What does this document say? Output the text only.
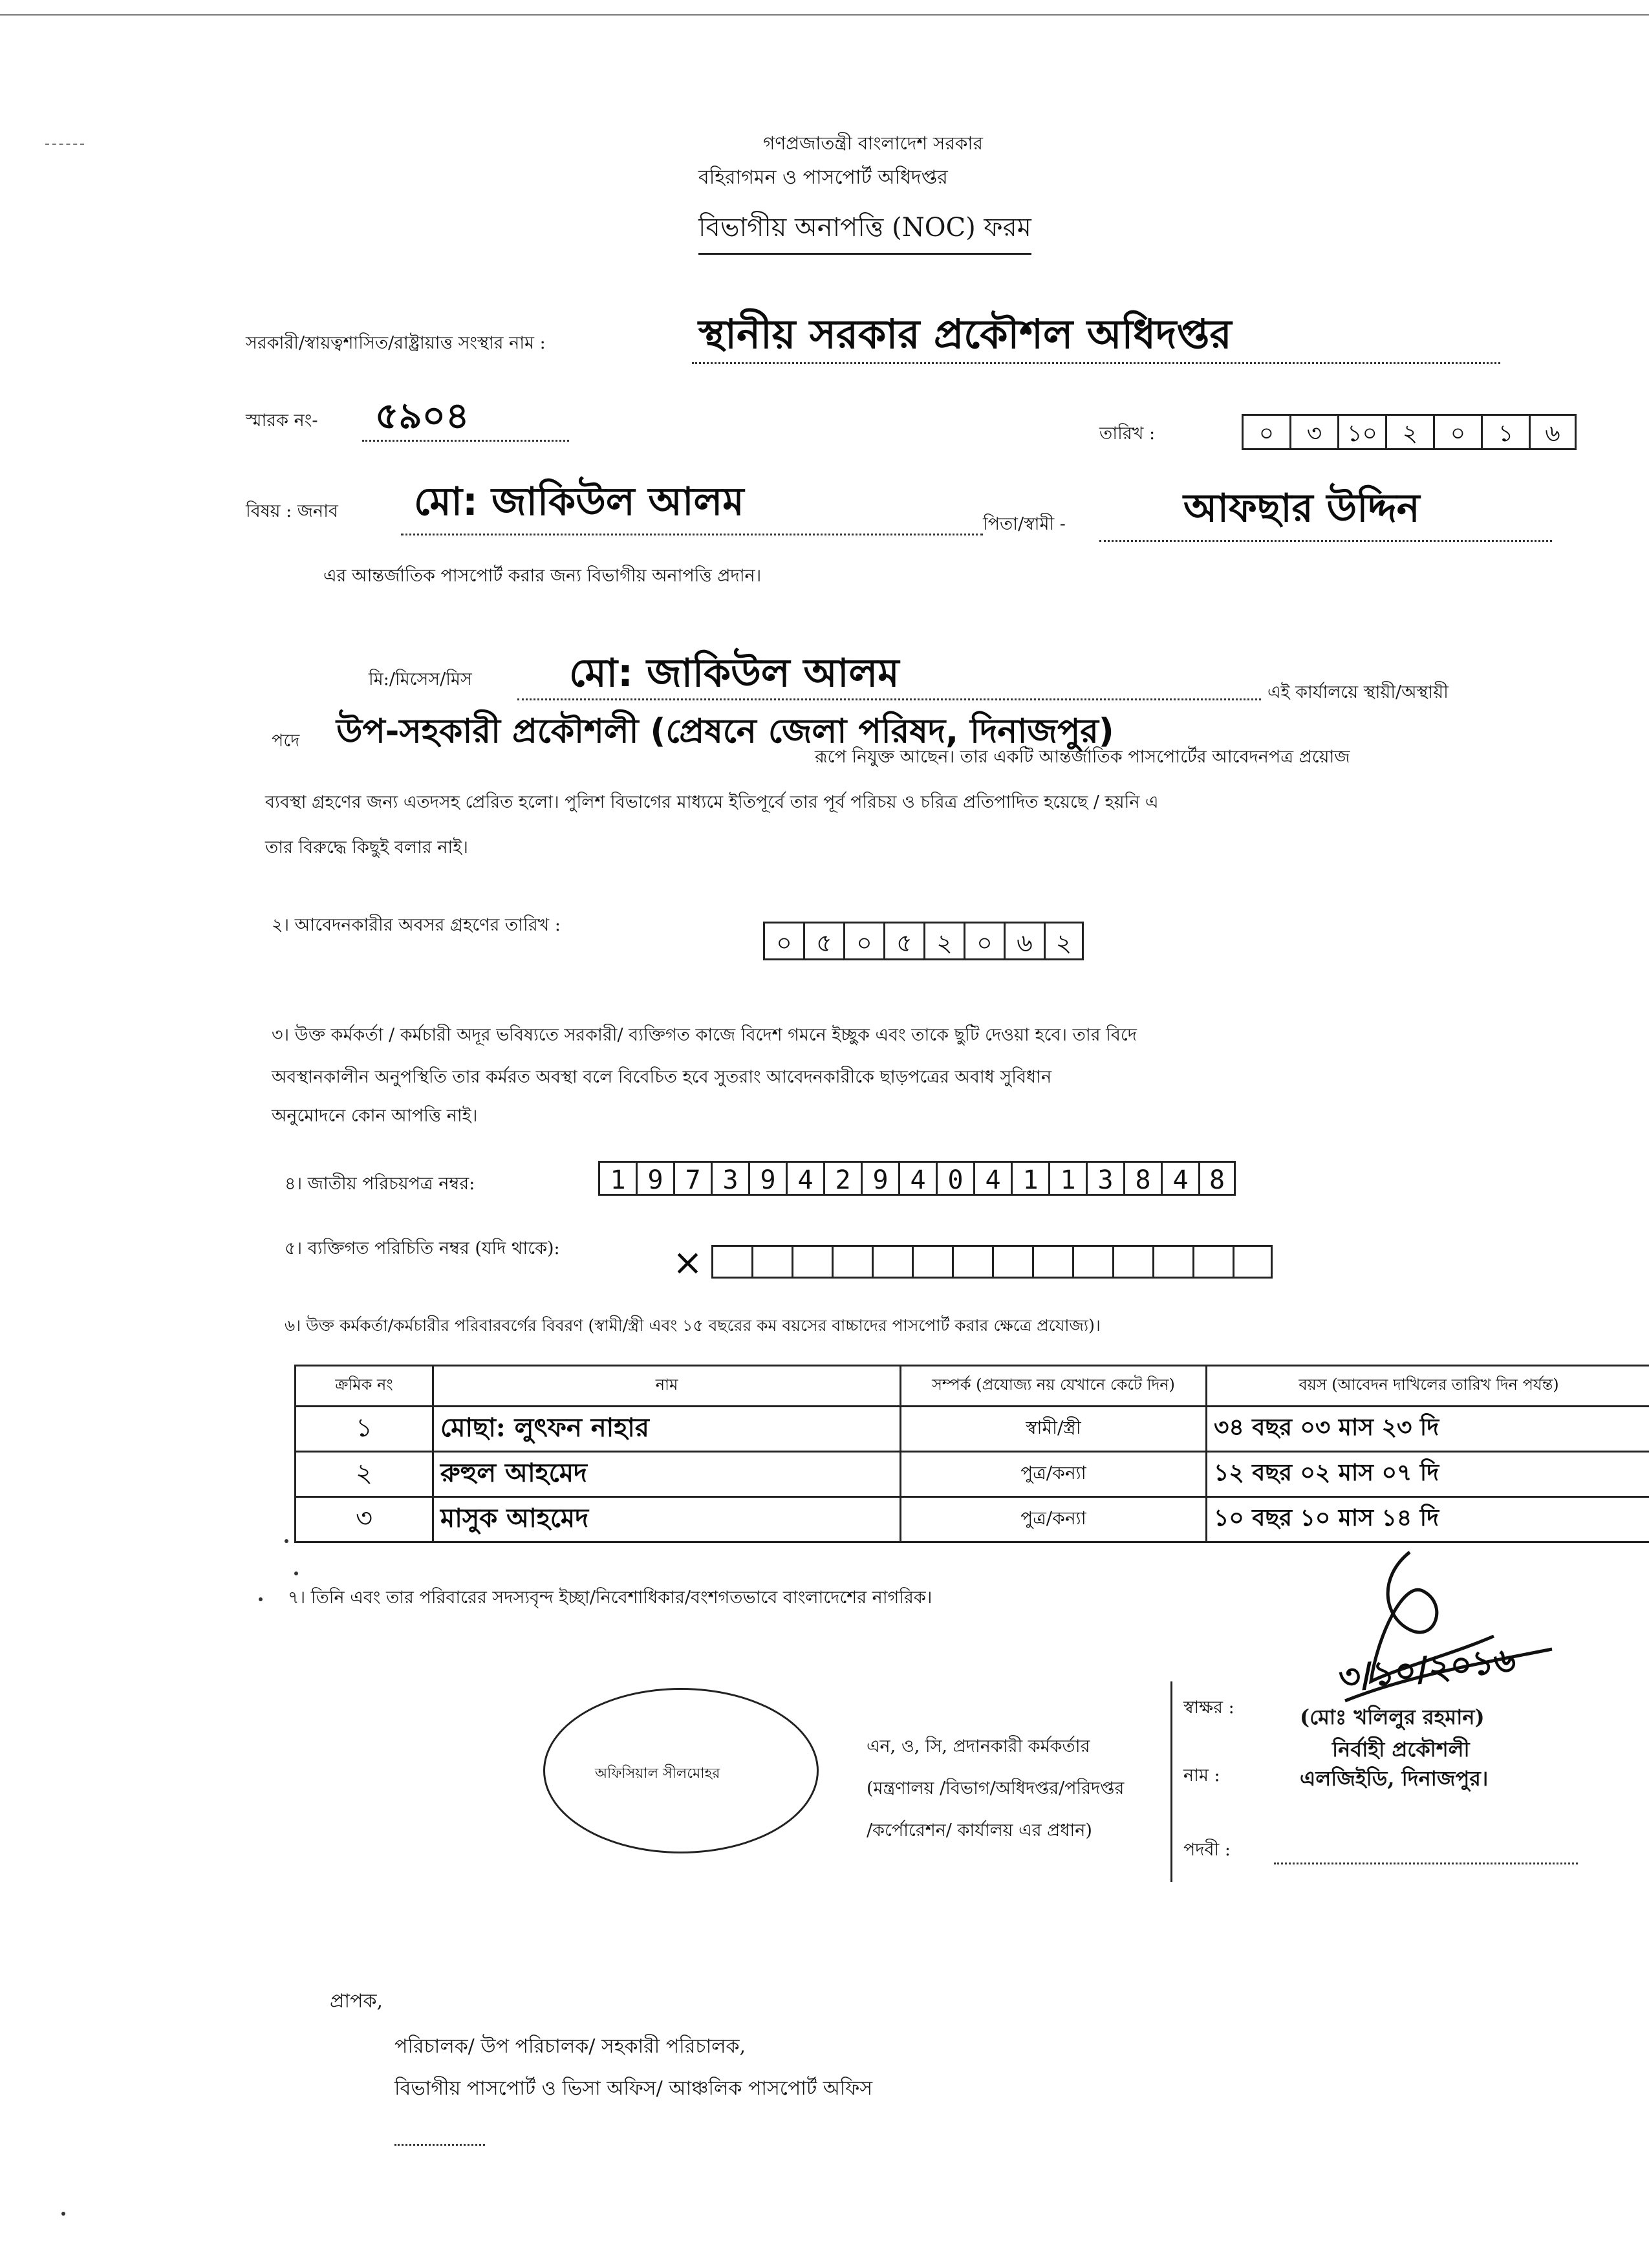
গণপ্রজাতন্ত্রী বাংলাদেশ সরকার
বহিরাগমন ও পাসপোর্ট অধিদপ্তর
বিভাগীয় অনাপত্তি (NOC) ফরম
সরকারী/স্বায়ত্বশাসিত/রাষ্ট্রায়াত্ত সংস্থার নাম :	স্থানীয় সরকার প্রকৌশল অধিদপ্তর
স্মারক নং- ৫৯০৪	তারিখ :	০	৩	১০	২	০	১	৬
বিষয় : জনাব মো: জাকিউল আলম	পিতা/স্বামী -	আফছার উদ্দিন
এর আন্তর্জাতিক পাসপোর্ট করার জন্য বিভাগীয় অনাপত্তি প্রদান।
মি:/মিসেস/মিস	মো: জাকিউল আলম	এই কার্যালয়ে স্থায়ী/অস্থায়ী
পদে উপ-সহকারী প্রকৌশলী (প্রেষনে জেলা পরিষদ, দিনাজপুর)
রূপে নিযুক্ত আছেন। তার একটি আন্তর্জাতিক পাসপোর্টের আবেদনপত্র প্রয়োজ
ব্যবস্থা গ্রহণের জন্য এতদসহ প্রেরিত হলো। পুলিশ বিভাগের মাধ্যমে ইতিপূর্বে তার পূর্ব পরিচয় ও চরিত্র প্রতিপাদিত হয়েছে / হয়নি এ
তার বিরুদ্ধে কিছুই বলার নাই।
২। আবেদনকারীর অবসর গ্রহণের তারিখ :
০ ৫ ০ ৫ ২ ০ ৬ ২
৩। উক্ত কর্মকর্তা / কর্মচারী অদূর ভবিষ্যতে সরকারী/ ব্যক্তিগত কাজে বিদেশ গমনে ইচ্ছুক এবং তাকে ছুটি দেওয়া হবে। তার বিদে
অবস্থানকালীন অনুপস্থিতি তার কর্মরত অবস্থা বলে বিবেচিত হবে সুতরাং আবেদনকারীকে ছাড়পত্রের অবাধ সুবিধান
অনুমোদনে কোন আপত্তি নাই।
৪। জাতীয় পরিচয়পত্র নম্বর:	1 9 7 3 9 4 2 9 4 0 4 1 1 3 8 4 8
৫। ব্যক্তিগত পরিচিতি নম্বর (যদি থাকে):	×
৬। উক্ত কর্মকর্তা/কর্মচারীর পরিবারবর্গের বিবরণ (স্বামী/স্ত্রী এবং ১৫ বছরের কম বয়সের বাচ্চাদের পাসপোর্ট করার ক্ষেত্রে প্রযোজ্য)।
ক্রমিক নং	নাম	সম্পর্ক (প্রযোজ্য নয় যেখানে কেটে দিন)	বয়স (আবেদন দাখিলের তারিখ দিন পর্যন্ত)
১	মোছা: লুৎফন নাহার	স্বামী/স্ত্রী	৩৪ বছর ০৩ মাস ২৩ দি
২	রুহুল আহমেদ	পুত্র/কন্যা	১২ বছর ০২ মাস ০৭ দি
৩	মাসুক আহমেদ	পুত্র/কন্যা	১০ বছর ১০ মাস ১৪ দি
৭। তিনি এবং তার পরিবারের সদস্যবৃন্দ ইচ্ছা/নিবেশাধিকার/বংশগতভাবে বাংলাদেশের নাগরিক।
অফিসিয়াল সীলমোহর
এন, ও, সি, প্রদানকারী কর্মকর্তার
(মন্ত্রণালয় /বিভাগ/অধিদপ্তর/পরিদপ্তর
/কর্পোরেশন/ কার্যালয় এর প্রধান)
৩/১০/২০১৬
স্বাক্ষর :
নাম :
পদবী :
(মোঃ খলিলুর রহমান)
নির্বাহী প্রকৌশলী
এলজিইডি, দিনাজপুর।
প্রাপক,
পরিচালক/ উপ পরিচালক/ সহকারী পরিচালক,
বিভাগীয় পাসপোর্ট ও ভিসা অফিস/ আঞ্চলিক পাসপোর্ট অফিস
